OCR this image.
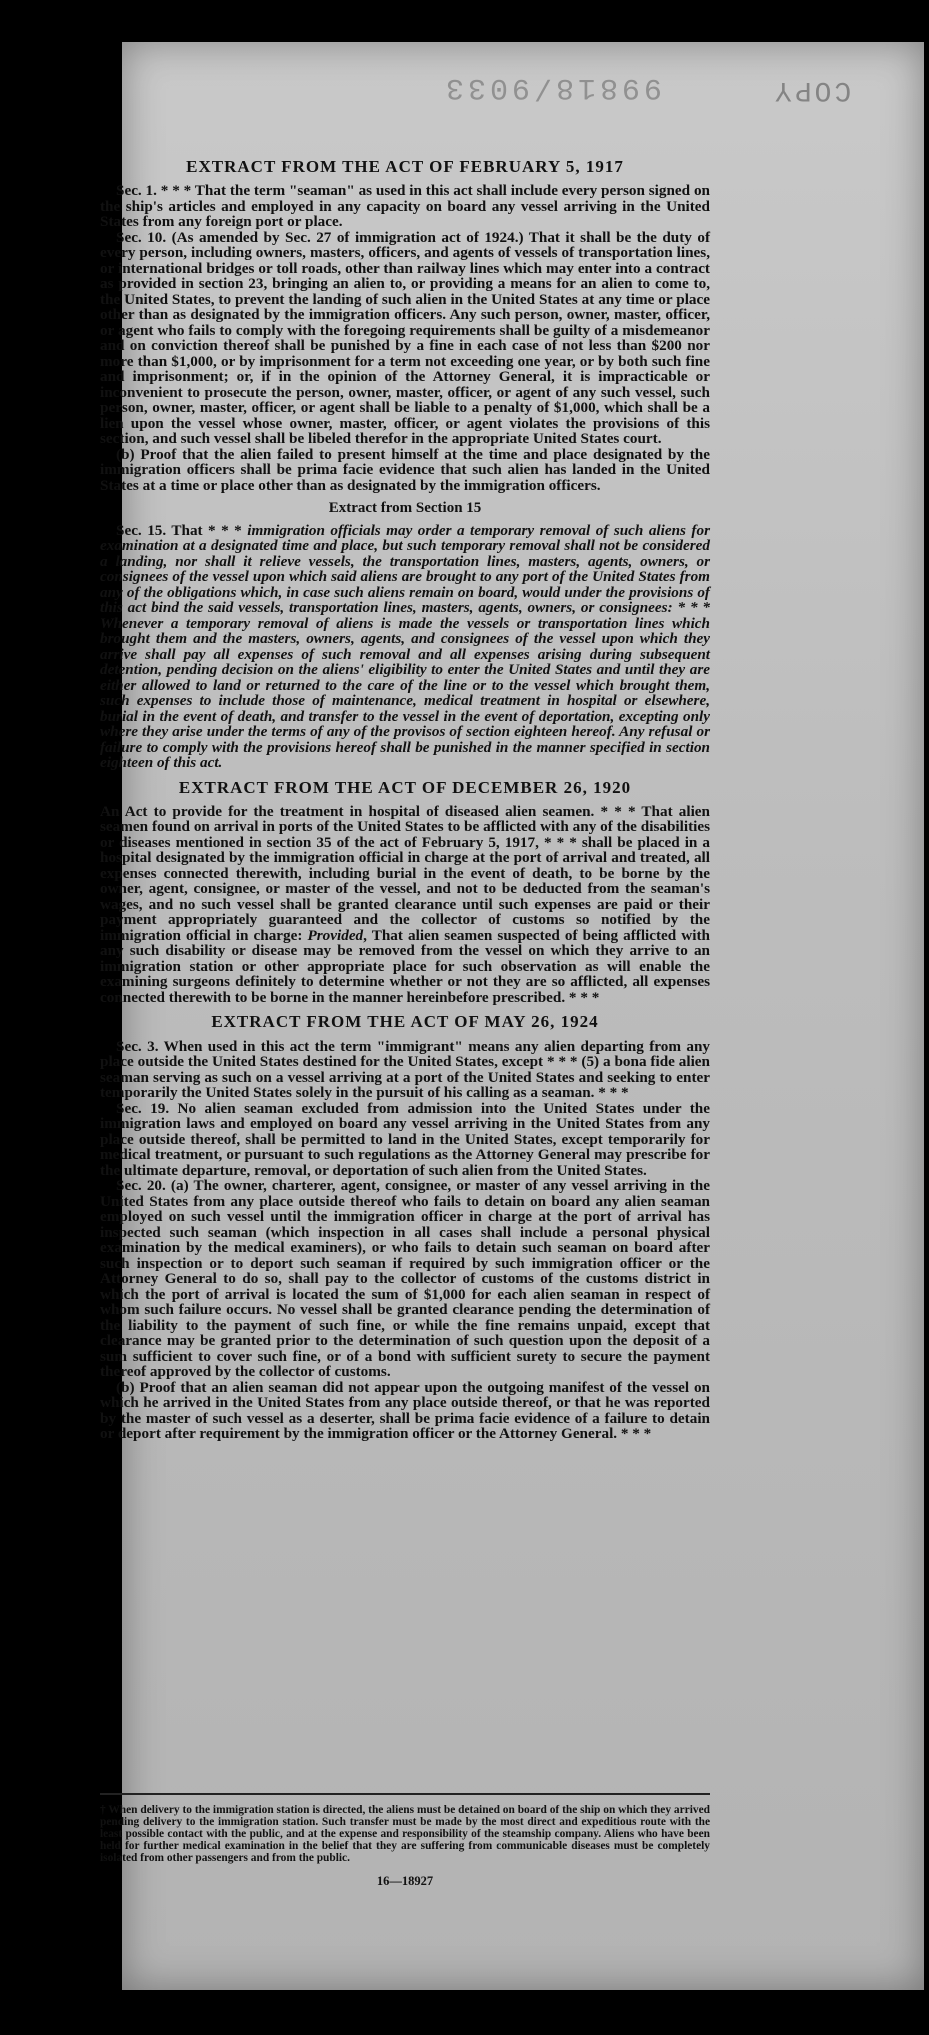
99818/9033	COPY
EXTRACT FROM THE ACT OF FEBRUARY 5, 1917

Sec. 1. * * * That the term "seaman" as used in this act shall include every person signed on the ship's articles and employed in any capacity on board any vessel arriving in the United States from any foreign port or place.

Sec. 10. (As amended by Sec. 27 of immigration act of 1924.) That it shall be the duty of every person, including owners, masters, officers, and agents of vessels of transportation lines, or international bridges or toll roads, other than railway lines which may enter into a contract as provided in section 23, bringing an alien to, or providing a means for an alien to come to, the United States, to prevent the landing of such alien in the United States at any time or place other than as designated by the immigration officers. Any such person, owner, master, officer, or agent who fails to comply with the foregoing requirements shall be guilty of a misdemeanor and on conviction thereof shall be punished by a fine in each case of not less than $200 nor more than $1,000, or by imprisonment for a term not exceeding one year, or by both such fine and imprisonment; or, if in the opinion of the Attorney General, it is impracticable or inconvenient to prosecute the person, owner, master, officer, or agent of any such vessel, such person, owner, master, officer, or agent shall be liable to a penalty of $1,000, which shall be a lien upon the vessel whose owner, master, officer, or agent violates the provisions of this section, and such vessel shall be libeled therefor in the appropriate United States court.

(b) Proof that the alien failed to present himself at the time and place designated by the immigration officers shall be prima facie evidence that such alien has landed in the United States at a time or place other than as designated by the immigration officers.

Extract from Section 15

Sec. 15. That * * * immigration officials may order a temporary removal of such aliens for examination at a designated time and place, but such temporary removal shall not be considered a landing, nor shall it relieve vessels, the transportation lines, masters, agents, owners, or consignees of the vessel upon which said aliens are brought to any port of the United States from any of the obligations which, in case such aliens remain on board, would under the provisions of this act bind the said vessels, transportation lines, masters, agents, owners, or consignees: * * * Whenever a temporary removal of aliens is made the vessels or transportation lines which brought them and the masters, owners, agents, and consignees of the vessel upon which they arrive shall pay all expenses of such removal and all expenses arising during subsequent detention, pending decision on the aliens' eligibility to enter the United States and until they are either allowed to land or returned to the care of the line or to the vessel which brought them, such expenses to include those of maintenance, medical treatment in hospital or elsewhere, burial in the event of death, and transfer to the vessel in the event of deportation, excepting only where they arise under the terms of any of the provisos of section eighteen hereof. Any refusal or failure to comply with the provisions hereof shall be punished in the manner specified in section eighteen of this act.

EXTRACT FROM THE ACT OF DECEMBER 26, 1920

An Act to provide for the treatment in hospital of diseased alien seamen. * * * That alien seamen found on arrival in ports of the United States to be afflicted with any of the disabilities or diseases mentioned in section 35 of the act of February 5, 1917, * * * shall be placed in a hospital designated by the immigration official in charge at the port of arrival and treated, all expenses connected therewith, including burial in the event of death, to be borne by the owner, agent, consignee, or master of the vessel, and not to be deducted from the seaman's wages, and no such vessel shall be granted clearance until such expenses are paid or their payment appropriately guaranteed and the collector of customs so notified by the immigration official in charge: Provided, That alien seamen suspected of being afflicted with any such disability or disease may be removed from the vessel on which they arrive to an immigration station or other appropriate place for such observation as will enable the examining surgeons definitely to determine whether or not they are so afflicted, all expenses connected therewith to be borne in the manner hereinbefore prescribed. * * *

EXTRACT FROM THE ACT OF MAY 26, 1924

Sec. 3. When used in this act the term "immigrant" means any alien departing from any place outside the United States destined for the United States, except * * * (5) a bona fide alien seaman serving as such on a vessel arriving at a port of the United States and seeking to enter temporarily the United States solely in the pursuit of his calling as a seaman. * * *

Sec. 19. No alien seaman excluded from admission into the United States under the immigration laws and employed on board any vessel arriving in the United States from any place outside thereof, shall be permitted to land in the United States, except temporarily for medical treatment, or pursuant to such regulations as the Attorney General may prescribe for the ultimate departure, removal, or deportation of such alien from the United States.

Sec. 20. (a) The owner, charterer, agent, consignee, or master of any vessel arriving in the United States from any place outside thereof who fails to detain on board any alien seaman employed on such vessel until the immigration officer in charge at the port of arrival has inspected such seaman (which inspection in all cases shall include a personal physical examination by the medical examiners), or who fails to detain such seaman on board after such inspection or to deport such seaman if required by such immigration officer or the Attorney General to do so, shall pay to the collector of customs of the customs district in which the port of arrival is located the sum of $1,000 for each alien seaman in respect of whom such failure occurs. No vessel shall be granted clearance pending the determination of the liability to the payment of such fine, or while the fine remains unpaid, except that clearance may be granted prior to the determination of such question upon the deposit of a sum sufficient to cover such fine, or of a bond with sufficient surety to secure the payment thereof approved by the collector of customs.

(b) Proof that an alien seaman did not appear upon the outgoing manifest of the vessel on which he arrived in the United States from any place outside thereof, or that he was reported by the master of such vessel as a deserter, shall be prima facie evidence of a failure to detain or deport after requirement by the immigration officer or the Attorney General. * * *

† When delivery to the immigration station is directed, the aliens must be detained on board of the ship on which they arrived pending delivery to the immigration station. Such transfer must be made by the most direct and expeditious route with the least possible contact with the public, and at the expense and responsibility of the steamship company. Aliens who have been held for further medical examination in the belief that they are suffering from communicable diseases must be completely isolated from other passengers and from the public.
16—18927
